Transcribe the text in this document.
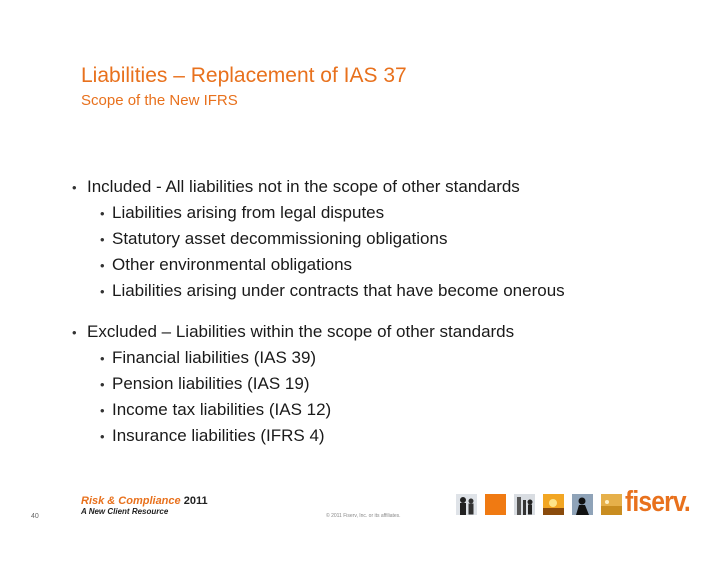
Liabilities – Replacement of IAS 37
Scope of the New IFRS
• Included - All liabilities not in the scope of other standards
• Liabilities arising from legal disputes
• Statutory asset decommissioning obligations
• Other environmental obligations
• Liabilities arising under contracts that have become onerous
• Excluded – Liabilities within the scope of other standards
• Financial liabilities (IAS 39)
• Pension liabilities (IAS 19)
• Income tax liabilities (IAS 12)
• Insurance liabilities (IFRS 4)
Risk & Compliance 2011
A New Client Resource
40	© 2011 Fiserv, Inc. or its affiliates.	fiserv.
